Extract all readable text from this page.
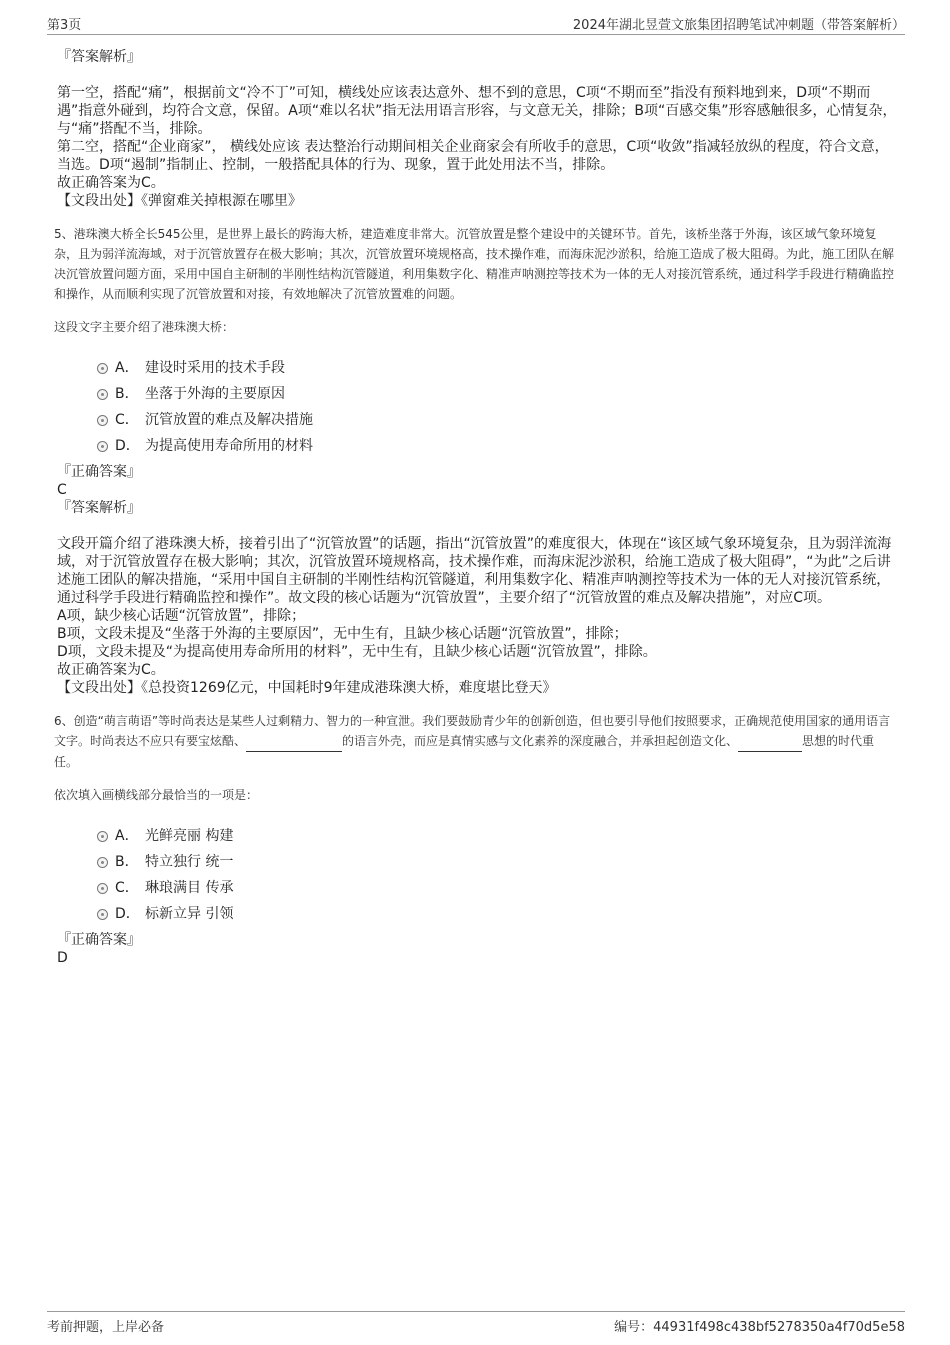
第3页	2024年湖北昱萱文旅集团招聘笔试冲刺题（带答案解析）

『答案解析』

第一空，搭配“痛”，根据前文“冷不丁”可知，横线处应该表达意外、想不到的意思，C项“不期而至”指没有预料地到来，D项“不期而遇”指意外碰到，均符合文意，保留。A项“难以名状”指无法用语言形容，与文意无关，排除；B项“百感交集”形容感触很多，心情复杂，与“痛”搭配不当，排除。

第二空，搭配“企业商家”， 横线处应该 表达整治行动期间相关企业商家会有所收手的意思，C项“收敛”指减轻放纵的程度，符合文意，当选。D项“遏制”指制止、控制，一般搭配具体的行为、现象，置于此处用法不当，排除。

故正确答案为C。

【文段出处】《弹窗难关掉根源在哪里》

5、港珠澳大桥全长545公里，是世界上最长的跨海大桥，建造难度非常大。沉管放置是整个建设中的关键环节。首先，该桥坐落于外海，该区域气象环境复杂，且为弱洋流海域，对于沉管放置存在极大影响；其次，沉管放置环境规格高，技术操作难，而海床泥沙淤积，给施工造成了极大阻碍。为此，施工团队在解决沉管放置问题方面，采用中国自主研制的半刚性结构沉管隧道，利用集数字化、精准声呐测控等技术为一体的无人对接沉管系统，通过科学手段进行精确监控和操作，从而顺利实现了沉管放置和对接，有效地解决了沉管放置难的问题。

这段文字主要介绍了港珠澳大桥：

A． 建设时采用的技术手段
B． 坐落于外海的主要原因
C． 沉管放置的难点及解决措施
D． 为提高使用寿命所用的材料

『正确答案』

C

『答案解析』

文段开篇介绍了港珠澳大桥，接着引出了“沉管放置”的话题，指出“沉管放置”的难度很大，体现在“该区域气象环境复杂，且为弱洋流海域，对于沉管放置存在极大影响；其次，沉管放置环境规格高，技术操作难，而海床泥沙淤积，给施工造成了极大阻碍”，“为此”之后讲述施工团队的解决措施，“采用中国自主研制的半刚性结构沉管隧道，利用集数字化、精准声呐测控等技术为一体的无人对接沉管系统，通过科学手段进行精确监控和操作”。故文段的核心话题为“沉管放置”，主要介绍了“沉管放置的难点及解决措施”，对应C项。

A项，缺少核心话题“沉管放置”，排除；

B项，文段未提及“坐落于外海的主要原因”，无中生有，且缺少核心话题“沉管放置”，排除；

D项，文段未提及“为提高使用寿命所用的材料”，无中生有，且缺少核心话题“沉管放置”，排除。

故正确答案为C。

【文段出处】《总投资1269亿元，中国耗时9年建成港珠澳大桥，难度堪比登天》

6、创造“萌言萌语”等时尚表达是某些人过剩精力、智力的一种宣泄。我们要鼓励青少年的创新创造，但也要引导他们按照要求，正确规范使用国家的通用语言文字。时尚表达不应只有要宝炫酷、	的语言外壳，而应是真情实感与文化素养的深度融合，并承担起创造文化、	思想的时代重任。

依次填入画横线部分最恰当的一项是：

A． 光鲜亮丽 构建
B． 特立独行 统一
C． 琳琅满目 传承
D． 标新立异 引领

『正确答案』

D

考前押题，上岸必备	编号：44931f498c438bf5278350a4f70d5e58
